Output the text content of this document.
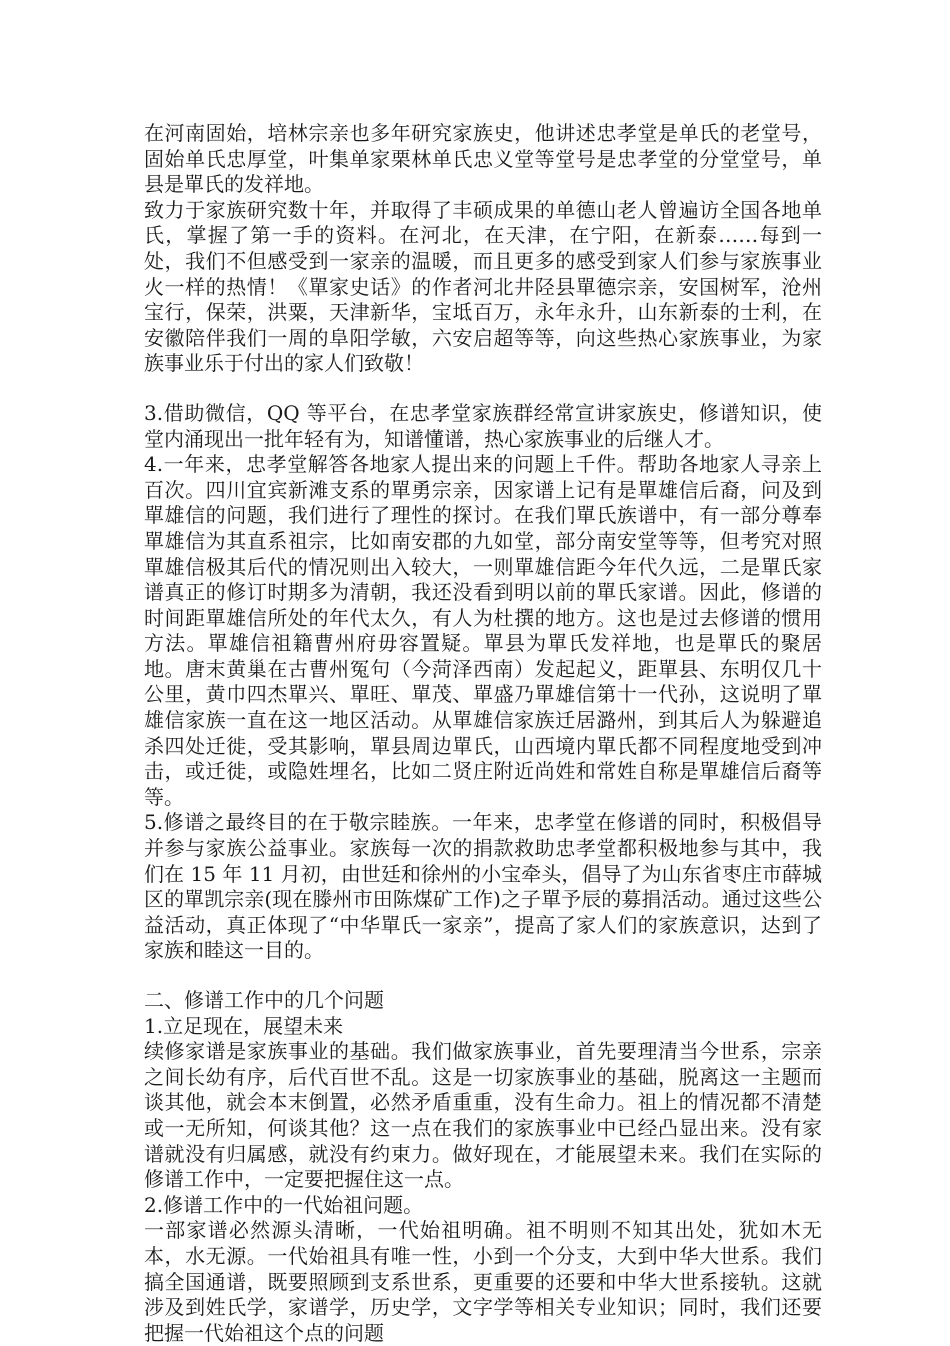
在河南固始，培林宗亲也多年研究家族史，他讲述忠孝堂是单氏的老堂号，固始单氏忠厚堂，叶集单家栗林单氏忠义堂等堂号是忠孝堂的分堂堂号，单县是單氏的发祥地。

致力于家族研究数十年，并取得了丰硕成果的单德山老人曾遍访全国各地单氏，掌握了第一手的资料。在河北，在天津，在宁阳，在新泰……每到一处，我们不但感受到一家亲的温暖，而且更多的感受到家人们参与家族事业火一样的热情！《單家史话》的作者河北井陉县單德宗亲，安国树军，沧州宝行，保荣，洪粟，天津新华，宝坻百万，永年永升，山东新泰的士利，在安徽陪伴我们一周的阜阳学敏，六安启超等等，向这些热心家族事业，为家族事业乐于付出的家人们致敬！

3.借助微信，QQ 等平台，在忠孝堂家族群经常宣讲家族史，修谱知识，使堂内涌现出一批年轻有为，知谱懂谱，热心家族事业的后继人才。

4.一年来，忠孝堂解答各地家人提出来的问题上千件。帮助各地家人寻亲上百次。四川宜宾新滩支系的單勇宗亲，因家谱上记有是單雄信后裔，问及到單雄信的问题，我们进行了理性的探讨。在我们單氏族谱中，有一部分尊奉單雄信为其直系祖宗，比如南安郡的九如堂，部分南安堂等等，但考究对照單雄信极其后代的情况则出入较大，一则單雄信距今年代久远，二是單氏家谱真正的修订时期多为清朝，我还没看到明以前的單氏家谱。因此，修谱的时间距單雄信所处的年代太久，有人为杜撰的地方。这也是过去修谱的惯用方法。單雄信祖籍曹州府毋容置疑。單县为單氏发祥地，也是單氏的聚居地。唐末黄巢在古曹州冤句（今菏泽西南）发起起义，距單县、东明仅几十公里，黄巾四杰單兴、單旺、單茂、單盛乃單雄信第十一代孙，这说明了單雄信家族一直在这一地区活动。从單雄信家族迁居潞州，到其后人为躲避追杀四处迁徙，受其影响，單县周边單氏，山西境内單氏都不同程度地受到冲击，或迁徙，或隐姓埋名，比如二贤庄附近尚姓和常姓自称是單雄信后裔等等。

5.修谱之最终目的在于敬宗睦族。一年来，忠孝堂在修谱的同时，积极倡导并参与家族公益事业。家族每一次的捐款救助忠孝堂都积极地参与其中，我们在 15 年 11 月初，由世廷和徐州的小宝牵头，倡导了为山东省枣庄市薛城区的單凯宗亲(现在滕州市田陈煤矿工作)之子單予辰的募捐活动。通过这些公益活动，真正体现了“中华單氏一家亲”，提高了家人们的家族意识，达到了家族和睦这一目的。

二、修谱工作中的几个问题

1.立足现在，展望未来

续修家谱是家族事业的基础。我们做家族事业，首先要理清当今世系，宗亲之间长幼有序，后代百世不乱。这是一切家族事业的基础，脱离这一主题而谈其他，就会本末倒置，必然矛盾重重，没有生命力。祖上的情况都不清楚或一无所知，何谈其他？这一点在我们的家族事业中已经凸显出来。没有家谱就没有归属感，就没有约束力。做好现在，才能展望未来。我们在实际的修谱工作中，一定要把握住这一点。

2.修谱工作中的一代始祖问题。

一部家谱必然源头清晰，一代始祖明确。祖不明则不知其出处，犹如木无本，水无源。一代始祖具有唯一性，小到一个分支，大到中华大世系。我们搞全国通谱，既要照顾到支系世系，更重要的还要和中华大世系接轨。这就涉及到姓氏学，家谱学，历史学，文字学等相关专业知识；同时，我们还要把握一代始祖这个点的问题
